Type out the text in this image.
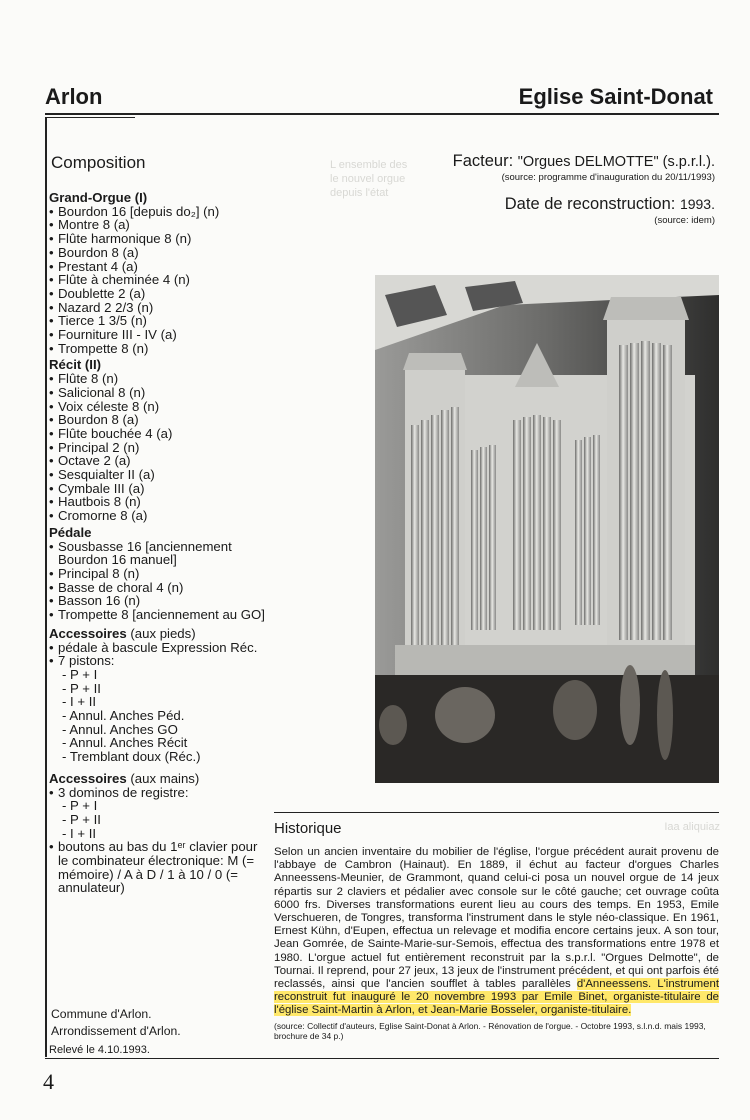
L ensemble des
le nouvel orgue
depuis l'état
Iaa aliquiaz
Arlon	Eglise Saint-Donat
Composition
Grand-Orgue (I)
• Bourdon 16 [depuis do₂] (n)
• Montre 8 (a)
• Flûte harmonique 8 (n)
• Bourdon 8 (a)
• Prestant 4 (a)
• Flûte à cheminée 4 (n)
• Doublette 2 (a)
• Nazard 2 2/3 (n)
• Tierce 1 3/5 (n)
• Fourniture III - IV (a)
• Trompette 8 (n)
Récit (II)
• Flûte 8 (n)
• Salicional 8 (n)
• Voix céleste 8 (n)
• Bourdon 8 (a)
• Flûte bouchée 4 (a)
• Principal 2 (n)
• Octave 2 (a)
• Sesquialter II (a)
• Cymbale III (a)
• Hautbois 8 (n)
• Cromorne 8 (a)
Pédale
• Sousbasse 16 [anciennement Bourdon 16 manuel]
• Principal 8 (n)
• Basse de choral 4 (n)
• Basson 16 (n)
• Trompette 8 [anciennement au GO]
Accessoires (aux pieds)
• pédale à bascule Expression Réc.
• 7 pistons:
- P + I
- P + II
- I + II
- Annul. Anches Péd.
- Annul. Anches GO
- Annul. Anches Récit
- Tremblant doux (Réc.)
Accessoires (aux mains)
• 3 dominos de registre:
- P + I
- P + II
- I + II
• boutons au bas du 1ᵉʳ clavier pour le combinateur électronique: M (= mémoire) / A à D / 1 à 10 / 0 (= annulateur)
Facteur: "Orgues DELMOTTE" (s.p.r.l.).
(source: programme d'inauguration du 20/11/1993)
Date de reconstruction: 1993.
(source: idem)
Historique
Selon un ancien inventaire du mobilier de l'église, l'orgue précédent aurait provenu de l'abbaye de Cambron (Hainaut). En 1889, il échut au facteur d'orgues Charles Anneessens-Meunier, de Grammont, quand celui-ci posa un nouvel orgue de 14 jeux répartis sur 2 claviers et pédalier avec console sur le côté gauche; cet ouvrage coûta 6000 frs. Diverses transformations eurent lieu au cours des temps. En 1953, Emile Verschueren, de Tongres, transforma l'instrument dans le style néo-classique. En 1961, Ernest Kühn, d'Eupen, effectua un relevage et modifia encore certains jeux. A son tour, Jean Gomrée, de Sainte-Marie-sur-Semois, effectua des transformations entre 1978 et 1980. L'orgue actuel fut entièrement reconstruit par la s.p.r.l. "Orgues Delmotte", de Tournai. Il reprend, pour 27 jeux, 13 jeux de l'instrument précédent, et qui ont parfois été reclassés, ainsi que l'ancien soufflet à tables parallèles d'Anneessens. L'instrument reconstruit fut inauguré le 20 novembre 1993 par Emile Binet, organiste-titulaire de l'église Saint-Martin à Arlon, et Jean-Marie Bosseler, organiste-titulaire.
(source: Collectif d'auteurs, Eglise Saint-Donat à Arlon. - Rénovation de l'orgue. - Octobre 1993, s.l.n.d. mais 1993, brochure de 34 p.)
Commune d'Arlon.
Arrondissement d'Arlon.
Relevé le 4.10.1993.
4
